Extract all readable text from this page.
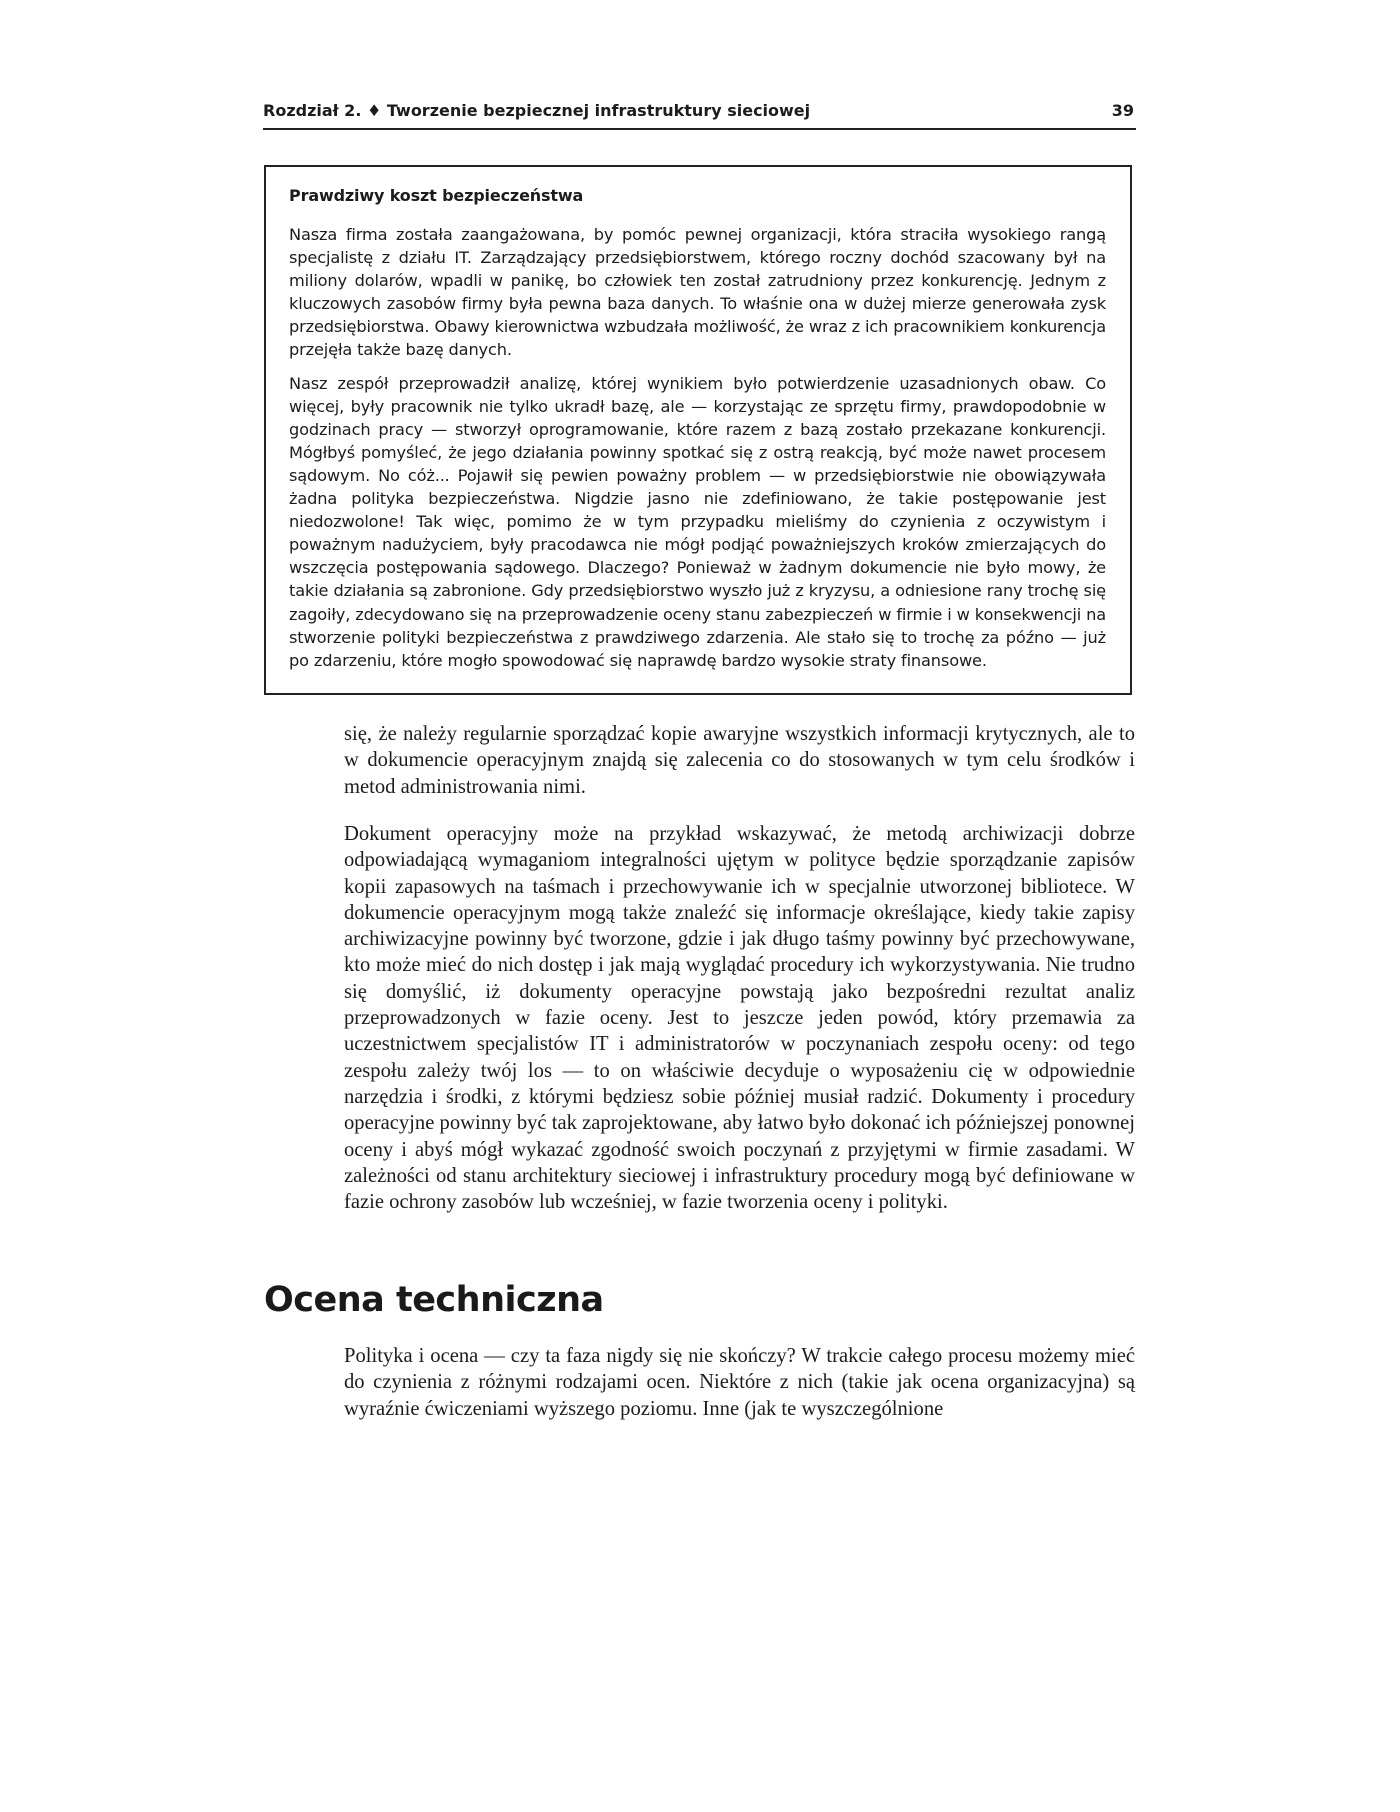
Rozdział 2. ♦ Tworzenie bezpiecznej infrastruktury sieciowej	39
Prawdziwy koszt bezpieczeństwa

Nasza firma została zaangażowana, by pomóc pewnej organizacji, która straciła wysokiego rangą specjalistę z działu IT. Zarządzający przedsiębiorstwem, którego roczny dochód szacowany był na miliony dolarów, wpadli w panikę, bo człowiek ten został zatrudniony przez konkurencję. Jednym z kluczowych zasobów firmy była pewna baza danych. To właśnie ona w dużej mierze generowała zysk przedsiębiorstwa. Obawy kierownictwa wzbudzała możliwość, że wraz z ich pracownikiem konkurencja przejęła także bazę danych.

Nasz zespół przeprowadził analizę, której wynikiem było potwierdzenie uzasadnionych obaw. Co więcej, byłу pracownik nie tylko ukradł bazę, ale — korzystając ze sprzętu firmy, prawdopodobnie w godzinach pracy — stworzył oprogramowanie, które razem z bazą zostało przekazane konkurencji. Mógłbyś pomyśleć, że jego działania powinny spotkać się z ostrą reakcją, być może nawet procesem sądowym. No cóż... Pojawił się pewien poważny problem — w przedsiębiorstwie nie obowiązywała żadna polityka bezpieczeństwa. Nigdzie jasno nie zdefiniowano, że takie postępowanie jest niedozwolone! Tak więc, pomimo że w tym przypadku mieliśmy do czynienia z oczywistym i poważnym nadużyciem, były pracodawca nie mógł podjąć poważniejszych kroków zmierzających do wszczęcia postępowania sądowego. Dlaczego? Ponieważ w żadnym dokumencie nie było mowy, że takie działania są zabronione. Gdy przedsiębiorstwo wyszło już z kryzysu, a odniesione rany trochę się zagoiły, zdecydowano się na przeprowadzenie oceny stanu zabezpieczeń w firmie i w konsekwencji na stworzenie polityki bezpieczeństwa z prawdziwego zdarzenia. Ale stało się to trochę za późno — już po zdarzeniu, które mogło spowodować się naprawdę bardzo wysokie straty finansowe.

się, że należy regularnie sporządzać kopie awaryjne wszystkich informacji krytycznych, ale to w dokumencie operacyjnym znajdą się zalecenia co do stosowanych w tym celu środków i metod administrowania nimi.

Dokument operacyjny może na przykład wskazywać, że metodą archiwizacji dobrze odpowiadającą wymaganiom integralności ujętym w polityce będzie sporządzanie zapisów kopii zapasowych na taśmach i przechowywanie ich w specjalnie utworzonej bibliotece. W dokumencie operacyjnym mogą także znaleźć się informacje określające, kiedy takie zapisy archiwizacyjne powinny być tworzone, gdzie i jak długo taśmy powinny być przechowywane, kto może mieć do nich dostęp i jak mają wyglądać procedury ich wykorzystywania. Nie trudno się domyślić, iż dokumenty operacyjne powstają jako bezpośredni rezultat analiz przeprowadzonych w fazie oceny. Jest to jeszcze jeden powód, który przemawia za uczestnictwem specjalistów IT i administratorów w poczynaniach zespołu oceny: od tego zespołu zależy twój los — to on właściwie decyduje o wyposażeniu cię w odpowiednie narzędzia i środki, z którymi będziesz sobie później musiał radzić. Dokumenty i procedury operacyjne powinny być tak zaprojektowane, aby łatwo było dokonać ich późniejszej ponownej oceny i abyś mógł wykazać zgodność swoich poczynań z przyjętymi w firmie zasadami. W zależności od stanu architektury sieciowej i infrastruktury procedury mogą być definiowane w fazie ochrony zasobów lub wcześniej, w fazie tworzenia oceny i polityki.

Ocena techniczna

Polityka i ocena — czy ta faza nigdy się nie skończy? W trakcie całego procesu możemy mieć do czynienia z różnymi rodzajami ocen. Niektóre z nich (takie jak ocena organizacyjna) są wyraźnie ćwiczeniami wyższego poziomu. Inne (jak te wyszczególnione
